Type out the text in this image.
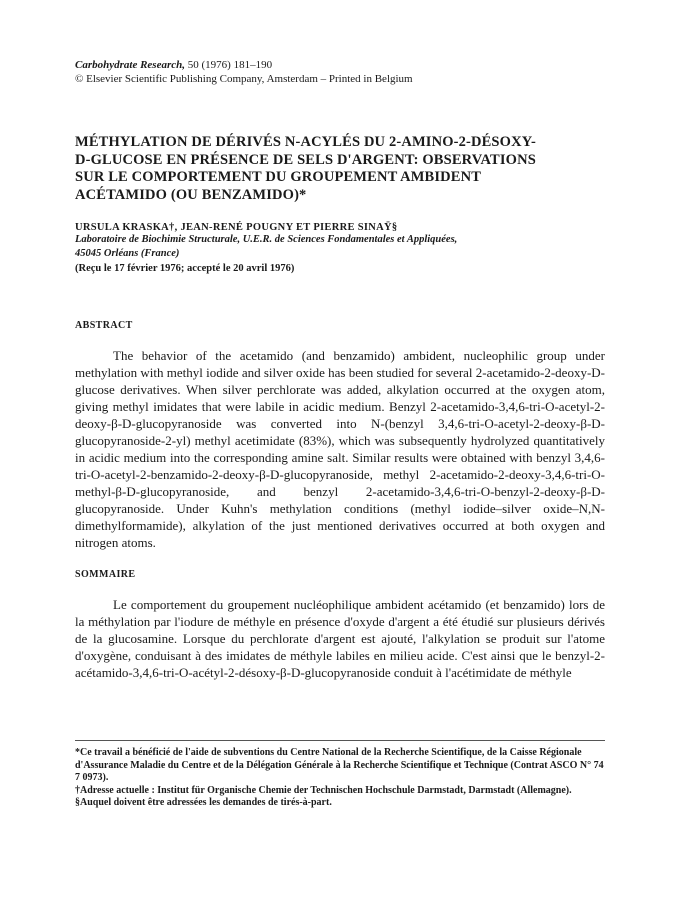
Carbohydrate Research, 50 (1976) 181–190
© Elsevier Scientific Publishing Company, Amsterdam – Printed in Belgium
MÉTHYLATION DE DÉRIVÉS N-ACYLÉS DU 2-AMINO-2-DÉSOXY-
D-GLUCOSE EN PRÉSENCE DE SELS D'ARGENT: OBSERVATIONS
SUR LE COMPORTEMENT DU GROUPEMENT AMBIDENT
ACÉTAMIDO (OU BENZAMIDO)*
URSULA KRASKA†, JEAN-RENÉ POUGNY ET PIERRE SINAŸ§
Laboratoire de Biochimie Structurale, U.E.R. de Sciences Fondamentales et Appliquées,
45045 Orléans (France)
(Reçu le 17 février 1976; accepté le 20 avril 1976)
ABSTRACT
The behavior of the acetamido (and benzamido) ambident, nucleophilic group under methylation with methyl iodide and silver oxide has been studied for several 2-acetamido-2-deoxy-D-glucose derivatives. When silver perchlorate was added, alkylation occurred at the oxygen atom, giving methyl imidates that were labile in acidic medium. Benzyl 2-acetamido-3,4,6-tri-O-acetyl-2-deoxy-β-D-glucopyranoside was converted into N-(benzyl 3,4,6-tri-O-acetyl-2-deoxy-β-D-glucopyranoside-2-yl) methyl acetimidate (83%), which was subsequently hydrolyzed quantitatively in acidic medium into the corresponding amine salt. Similar results were obtained with benzyl 3,4,6-tri-O-acetyl-2-benzamido-2-deoxy-β-D-glucopyranoside, methyl 2-acetamido-2-deoxy-3,4,6-tri-O-methyl-β-D-glucopyranoside, and benzyl 2-acetamido-3,4,6-tri-O-benzyl-2-deoxy-β-D-glucopyranoside. Under Kuhn's methylation conditions (methyl iodide–silver oxide–N,N-dimethylformamide), alkylation of the just mentioned derivatives occurred at both oxygen and nitrogen atoms.
SOMMAIRE
Le comportement du groupement nucléophilique ambident acétamido (et benzamido) lors de la méthylation par l'iodure de méthyle en présence d'oxyde d'argent a été étudié sur plusieurs dérivés de la glucosamine. Lorsque du perchlorate d'argent est ajouté, l'alkylation se produit sur l'atome d'oxygène, conduisant à des imidates de méthyle labiles en milieu acide. C'est ainsi que le benzyl-2-acétamido-3,4,6-tri-O-acétyl-2-désoxy-β-D-glucopyranoside conduit à l'acétimidate de méthyle

*Ce travail a bénéficié de l'aide de subventions du Centre National de la Recherche Scientifique, de la Caisse Régionale d'Assurance Maladie du Centre et de la Délégation Générale à la Recherche Scientifique et Technique (Contrat ASCO N° 74 7 0973).

†Adresse actuelle : Institut für Organische Chemie der Technischen Hochschule Darmstadt, Darmstadt (Allemagne).

§Auquel doivent être adressées les demandes de tirés-à-part.
